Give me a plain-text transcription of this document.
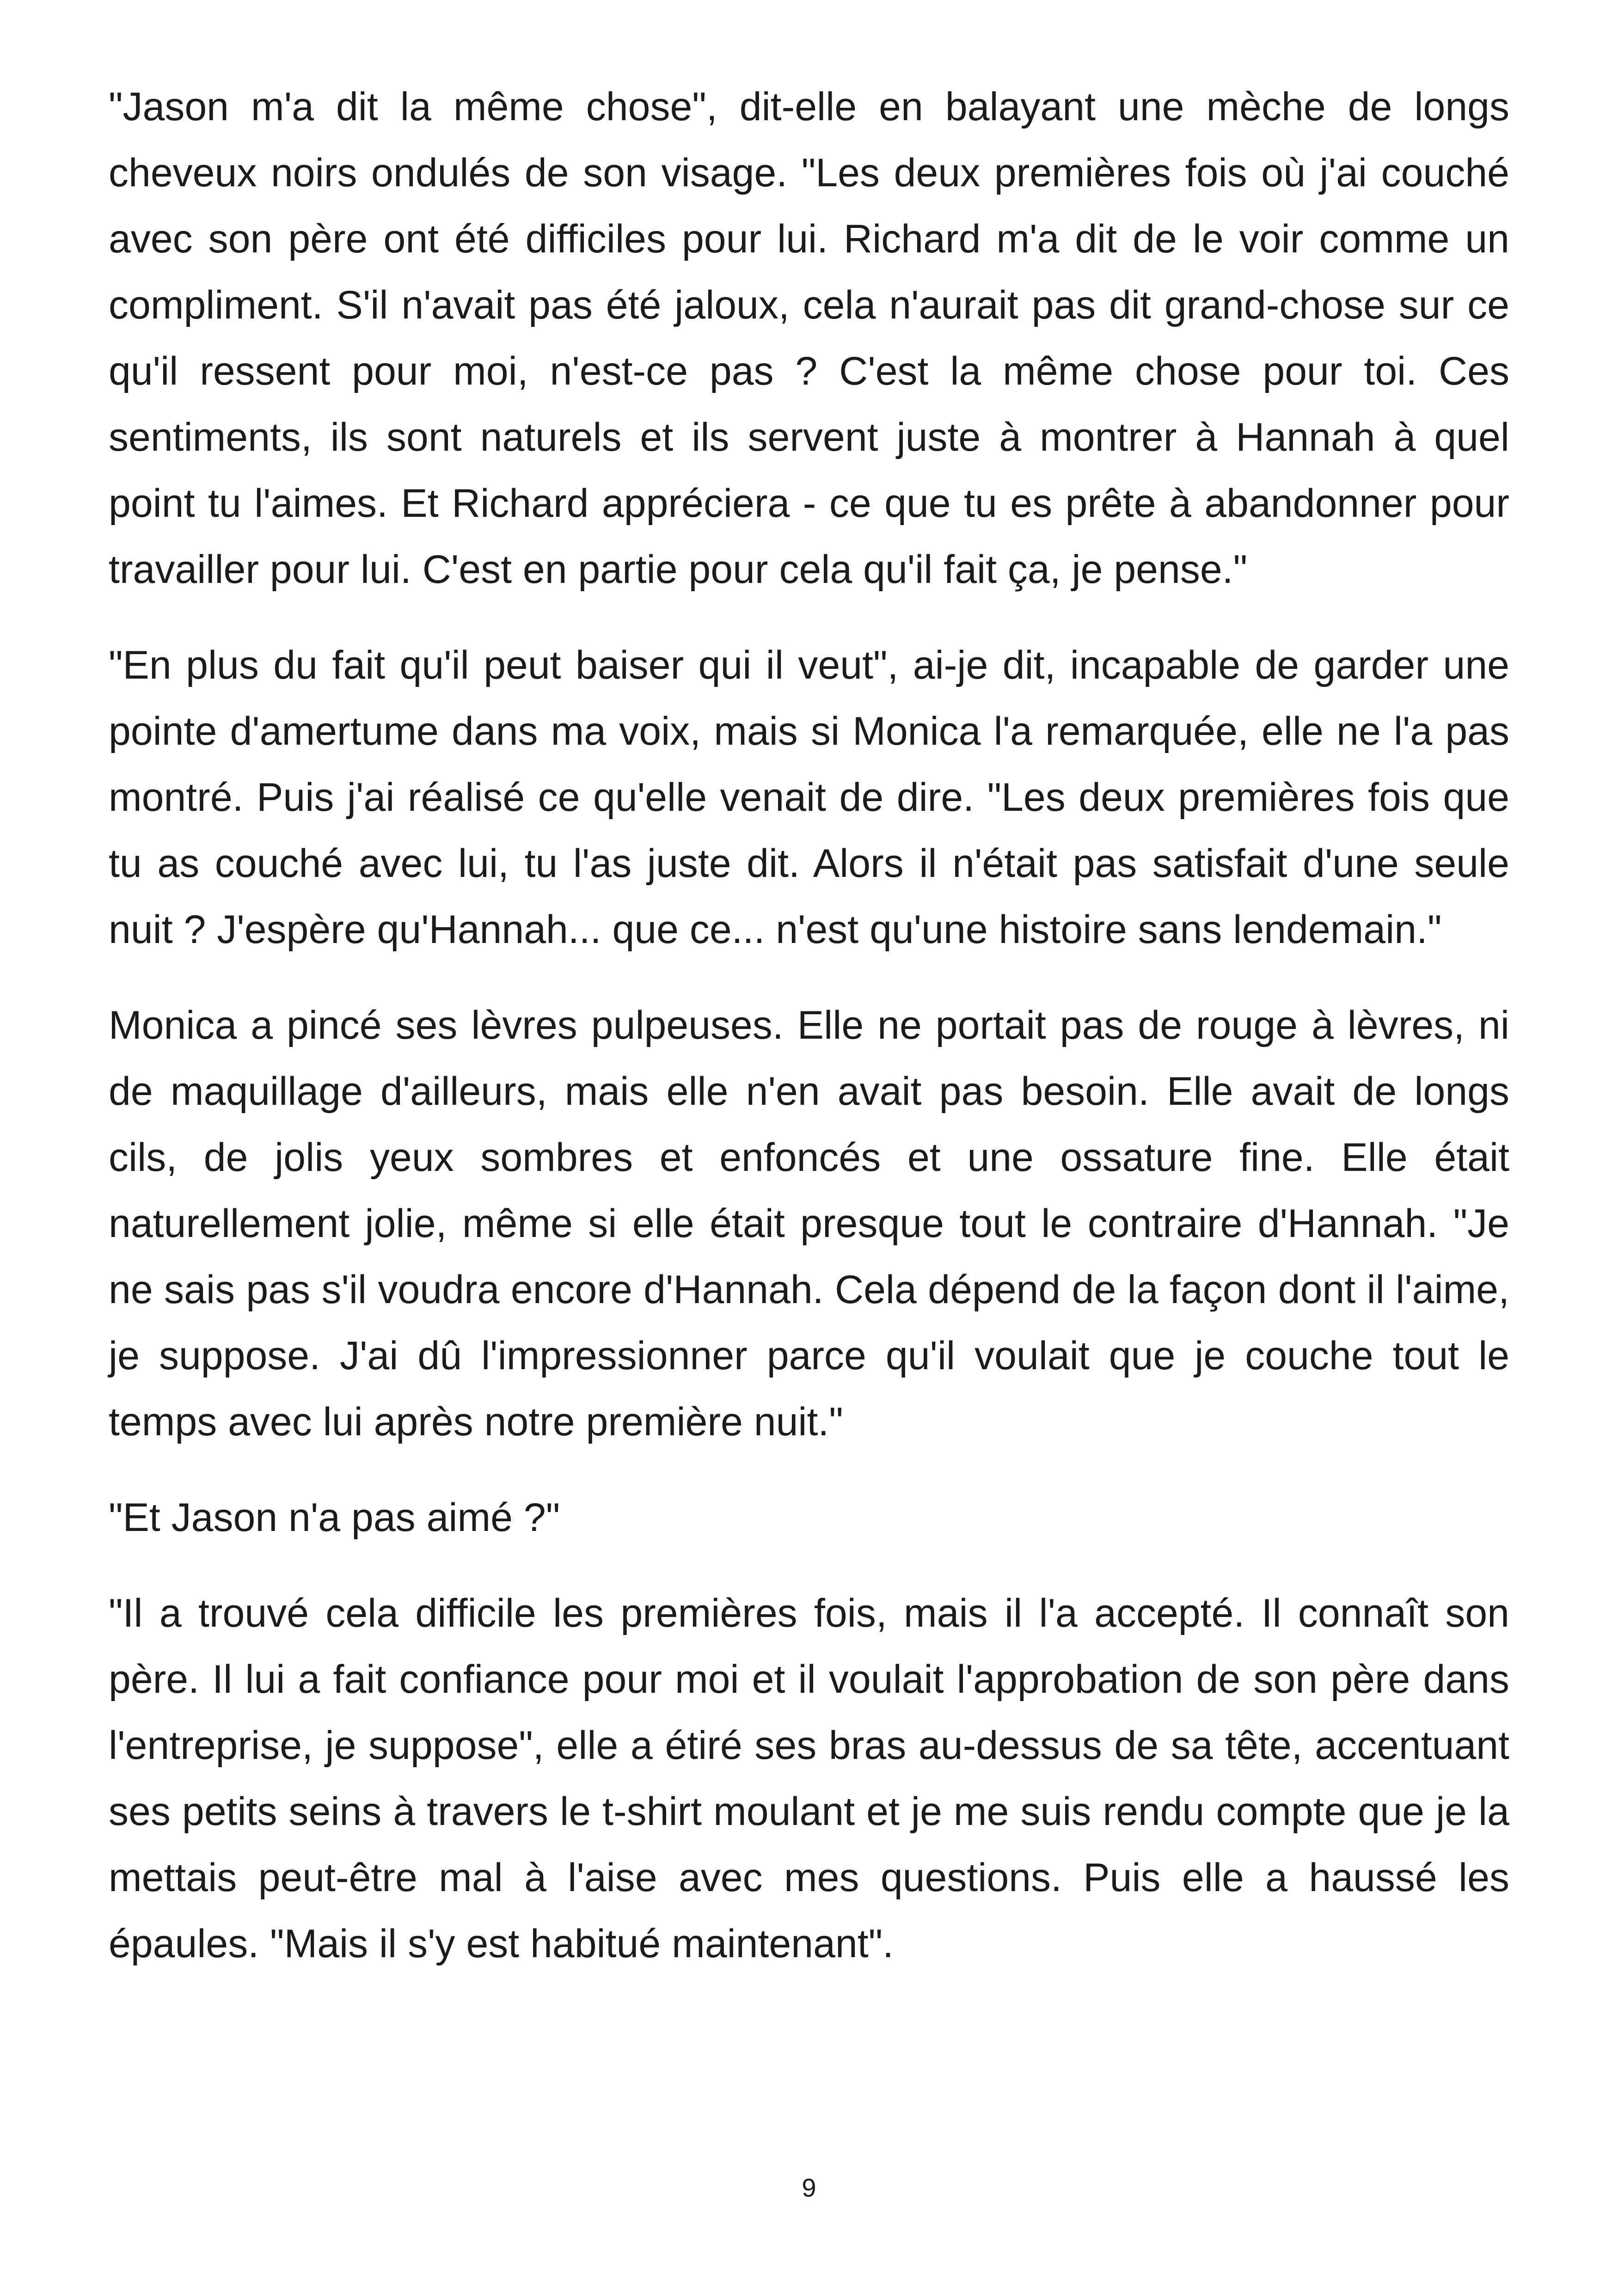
"Jason m'a dit la même chose", dit-elle en balayant une mèche de longs cheveux noirs ondulés de son visage. "Les deux premières fois où j'ai couché avec son père ont été difficiles pour lui. Richard m'a dit de le voir comme un compliment. S'il n'avait pas été jaloux, cela n'aurait pas dit grand-chose sur ce qu'il ressent pour moi, n'est-ce pas ? C'est la même chose pour toi. Ces sentiments, ils sont naturels et ils servent juste à montrer à Hannah à quel point tu l'aimes. Et Richard appréciera - ce que tu es prête à abandonner pour travailler pour lui. C'est en partie pour cela qu'il fait ça, je pense."

"En plus du fait qu'il peut baiser qui il veut", ai-je dit, incapable de garder une pointe d'amertume dans ma voix, mais si Monica l'a remarquée, elle ne l'a pas montré. Puis j'ai réalisé ce qu'elle venait de dire. "Les deux premières fois que tu as couché avec lui, tu l'as juste dit. Alors il n'était pas satisfait d'une seule nuit ? J'espère qu'Hannah... que ce... n'est qu'une histoire sans lendemain."

Monica a pincé ses lèvres pulpeuses. Elle ne portait pas de rouge à lèvres, ni de maquillage d'ailleurs, mais elle n'en avait pas besoin. Elle avait de longs cils, de jolis yeux sombres et enfoncés et une ossature fine. Elle était naturellement jolie, même si elle était presque tout le contraire d'Hannah. "Je ne sais pas s'il voudra encore d'Hannah. Cela dépend de la façon dont il l'aime, je suppose. J'ai dû l'impressionner parce qu'il voulait que je couche tout le temps avec lui après notre première nuit."

"Et Jason n'a pas aimé ?"

"Il a trouvé cela difficile les premières fois, mais il l'a accepté. Il connaît son père. Il lui a fait confiance pour moi et il voulait l'approbation de son père dans l'entreprise, je suppose", elle a étiré ses bras au-dessus de sa tête, accentuant ses petits seins à travers le t-shirt moulant et je me suis rendu compte que je la mettais peut-être mal à l'aise avec mes questions. Puis elle a haussé les épaules. "Mais il s'y est habitué maintenant".

9
